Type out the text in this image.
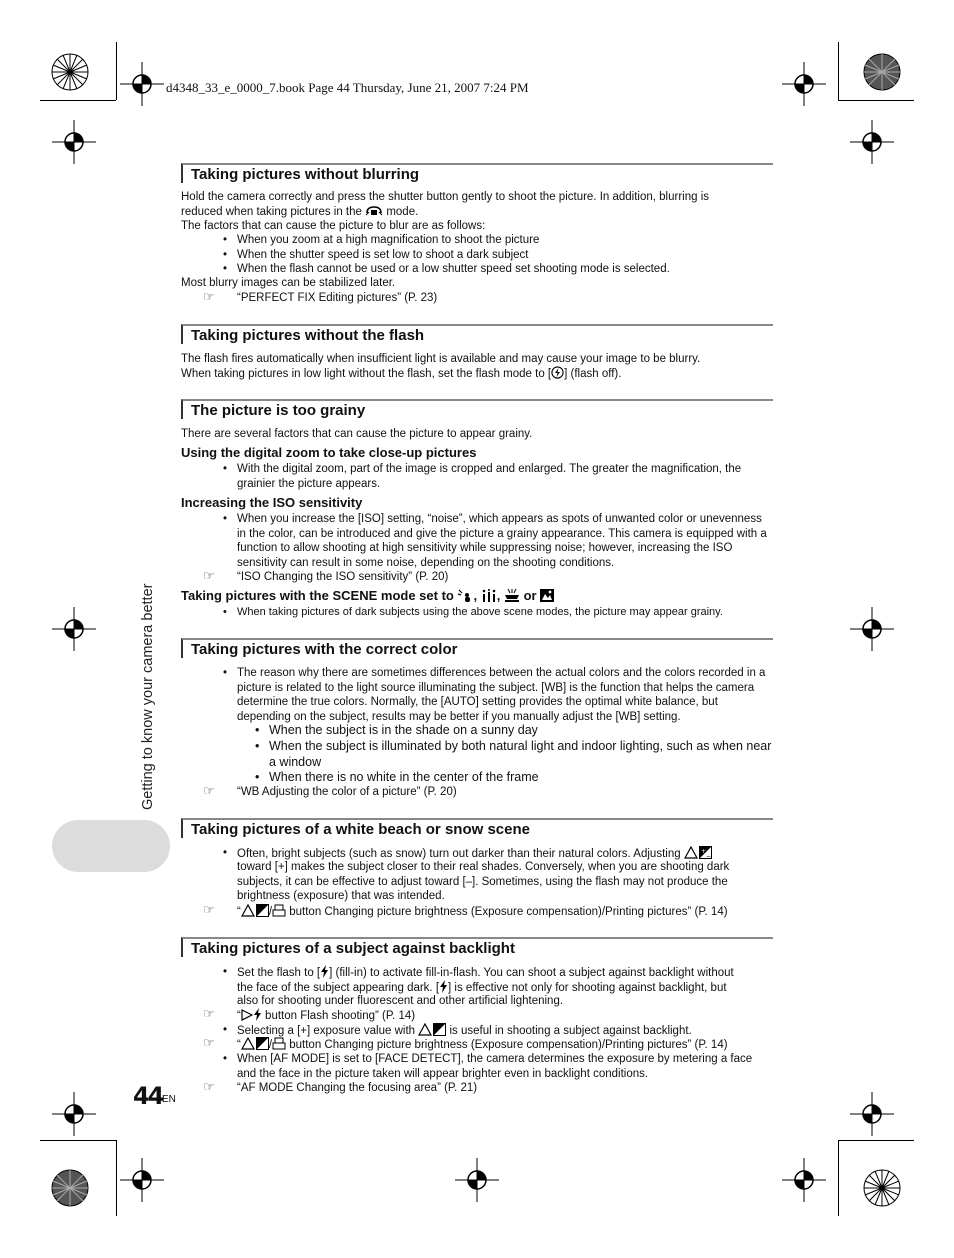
d4348_33_e_0000_7.book Page 44 Thursday, June 21, 2007 7:24 PM
Getting to know your camera better
Taking pictures without blurring
Hold the camera correctly and press the shutter button gently to shoot the picture. In addition, blurring is
reduced when taking pictures in the mode.
The factors that can cause the picture to blur are as follows:
• When you zoom at a high magnification to shoot the picture
• When the shutter speed is set low to shoot a dark subject
• When the flash cannot be used or a low shutter speed set shooting mode is selected.
Most blurry images can be stabilized later.
☞ “PERFECT FIX Editing pictures” (P. 23)
Taking pictures without the flash
The flash fires automatically when insufficient light is available and may cause your image to be blurry.
When taking pictures in low light without the flash, set the flash mode to [ ] (flash off).
The picture is too grainy
There are several factors that can cause the picture to appear grainy.
Using the digital zoom to take close-up pictures
• With the digital zoom, part of the image is cropped and enlarged. The greater the magnification, the grainier the picture appears.
Increasing the ISO sensitivity
• When you increase the [ISO] setting, “noise”, which appears as spots of unwanted color or unevenness in the color, can be introduced and give the picture a grainy appearance. This camera is equipped with a function to allow shooting at high sensitivity while suppressing noise; however, increasing the ISO sensitivity can result in some noise, depending on the shooting conditions.
☞ “ISO Changing the ISO sensitivity” (P. 20)
Taking pictures with the SCENE mode set to , ,  or
• When taking pictures of dark subjects using the above scene modes, the picture may appear grainy.
Taking pictures with the correct color
• The reason why there are sometimes differences between the actual colors and the colors recorded in a picture is related to the light source illuminating the subject. [WB] is the function that helps the camera determine the true colors. Normally, the [AUTO] setting provides the optimal white balance, but depending on the subject, results may be better if you manually adjust the [WB] setting.
• When the subject is in the shade on a sunny day
• When the subject is illuminated by both natural light and indoor lighting, such as when near a window
• When there is no white in the center of the frame
☞ “WB Adjusting the color of a picture” (P. 20)
Taking pictures of a white beach or snow scene
• Often, bright subjects (such as snow) turn out darker than their natural colors. Adjusting	+
−
toward [+] makes the subject closer to their real shades. Conversely, when you are shooting dark subjects, it can be effective to adjust toward [–]. Sometimes, using the flash may not produce the brightness (exposure) that was intended.
☞ “ / button Changing picture brightness (Exposure compensation)/Printing pictures” (P. 14)
Taking pictures of a subject against backlight
• Set the flash to [ ] (fill-in) to activate fill-in-flash. You can shoot a subject against backlight without
the face of the subject appearing dark. [ ] is effective not only for shooting against backlight, but
also for shooting under fluorescent and other artificial lightening.
☞ “ button Flash shooting” (P. 14)
• Selecting a [+] exposure value with	is useful in shooting a subject against backlight.
☞ “ / button Changing picture brightness (Exposure compensation)/Printing pictures” (P. 14)
• When [AF MODE] is set to [FACE DETECT], the camera determines the exposure by metering a face and the face in the picture taken will appear brighter even in backlight conditions.
☞ “AF MODE Changing the focusing area” (P. 21)
44 EN
